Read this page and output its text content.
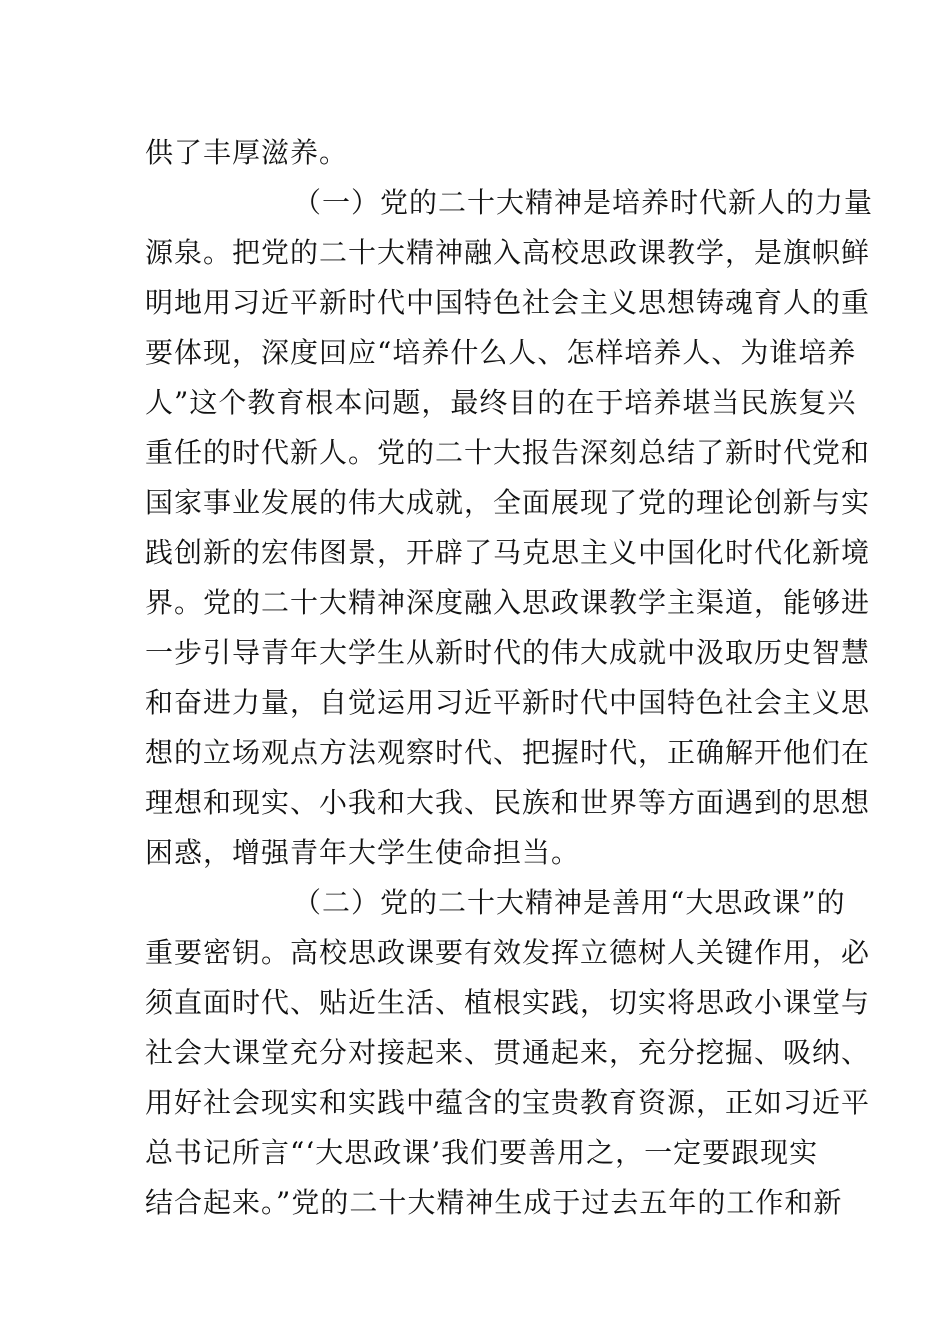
供了丰厚滋养。
（一）党的二十大精神是培养时代新人的力量
源泉。把党的二十大精神融入高校思政课教学，是旗帜鲜
明地用习近平新时代中国特色社会主义思想铸魂育人的重
要体现，深度回应“培养什么人、怎样培养人、为谁培养
人”这个教育根本问题，最终目的在于培养堪当民族复兴
重任的时代新人。党的二十大报告深刻总结了新时代党和
国家事业发展的伟大成就，全面展现了党的理论创新与实
践创新的宏伟图景，开辟了马克思主义中国化时代化新境
界。党的二十大精神深度融入思政课教学主渠道，能够进
一步引导青年大学生从新时代的伟大成就中汲取历史智慧
和奋进力量，自觉运用习近平新时代中国特色社会主义思
想的立场观点方法观察时代、把握时代，正确解开他们在
理想和现实、小我和大我、民族和世界等方面遇到的思想
困惑，增强青年大学生使命担当。
（二）党的二十大精神是善用“大思政课”的
重要密钥。高校思政课要有效发挥立德树人关键作用，必
须直面时代、贴近生活、植根实践，切实将思政小课堂与
社会大课堂充分对接起来、贯通起来，充分挖掘、吸纳、
用好社会现实和实践中蕴含的宝贵教育资源，正如习近平
总书记所言“‘大思政课’我们要善用之，一定要跟现实
结合起来。”党的二十大精神生成于过去五年的工作和新
